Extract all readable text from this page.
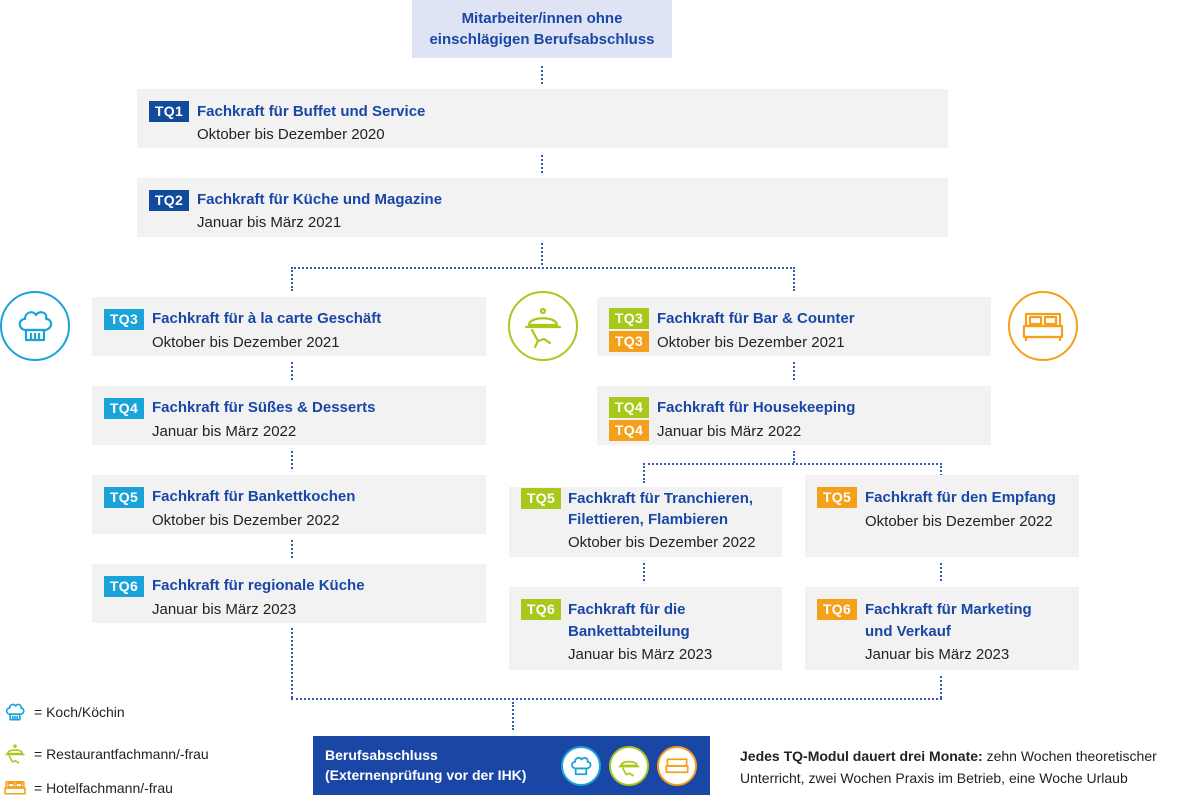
Mitarbeiter/innen ohne
einschlägigen Berufsabschluss
TQ1 Fachkraft für Buffet und Service
Oktober bis Dezember 2020
TQ2 Fachkraft für Küche und Magazine
Januar bis März 2021
TQ3 Fachkraft für à la carte Geschäft
Oktober bis Dezember 2021
TQ4 Fachkraft für Süßes & Desserts
Januar bis März 2022
TQ5 Fachkraft für Bankettkochen
Oktober bis Dezember 2022
TQ6 Fachkraft für regionale Küche
Januar bis März 2023
TQ3
TQ3
Fachkraft für Bar & Counter
Oktober bis Dezember 2021
TQ4
TQ4
Fachkraft für Housekeeping
Januar bis März 2022
TQ5 Fachkraft für Tranchieren,
Filettieren, Flambieren
Oktober bis Dezember 2022
TQ6 Fachkraft für die
Bankettabteilung
Januar bis März 2023
TQ5 Fachkraft für den Empfang
Oktober bis Dezember 2022
TQ6 Fachkraft für Marketing
und Verkauf
Januar bis März 2023
= Koch/Köchin
= Restaurantfachmann/-frau
= Hotelfachmann/-frau
Berufsabschluss
(Externenprüfung vor der IHK)
Jedes TQ-Modul dauert drei Monate: zehn Wochen theoretischer Unterricht, zwei Wochen Praxis im Betrieb, eine Woche Urlaub
